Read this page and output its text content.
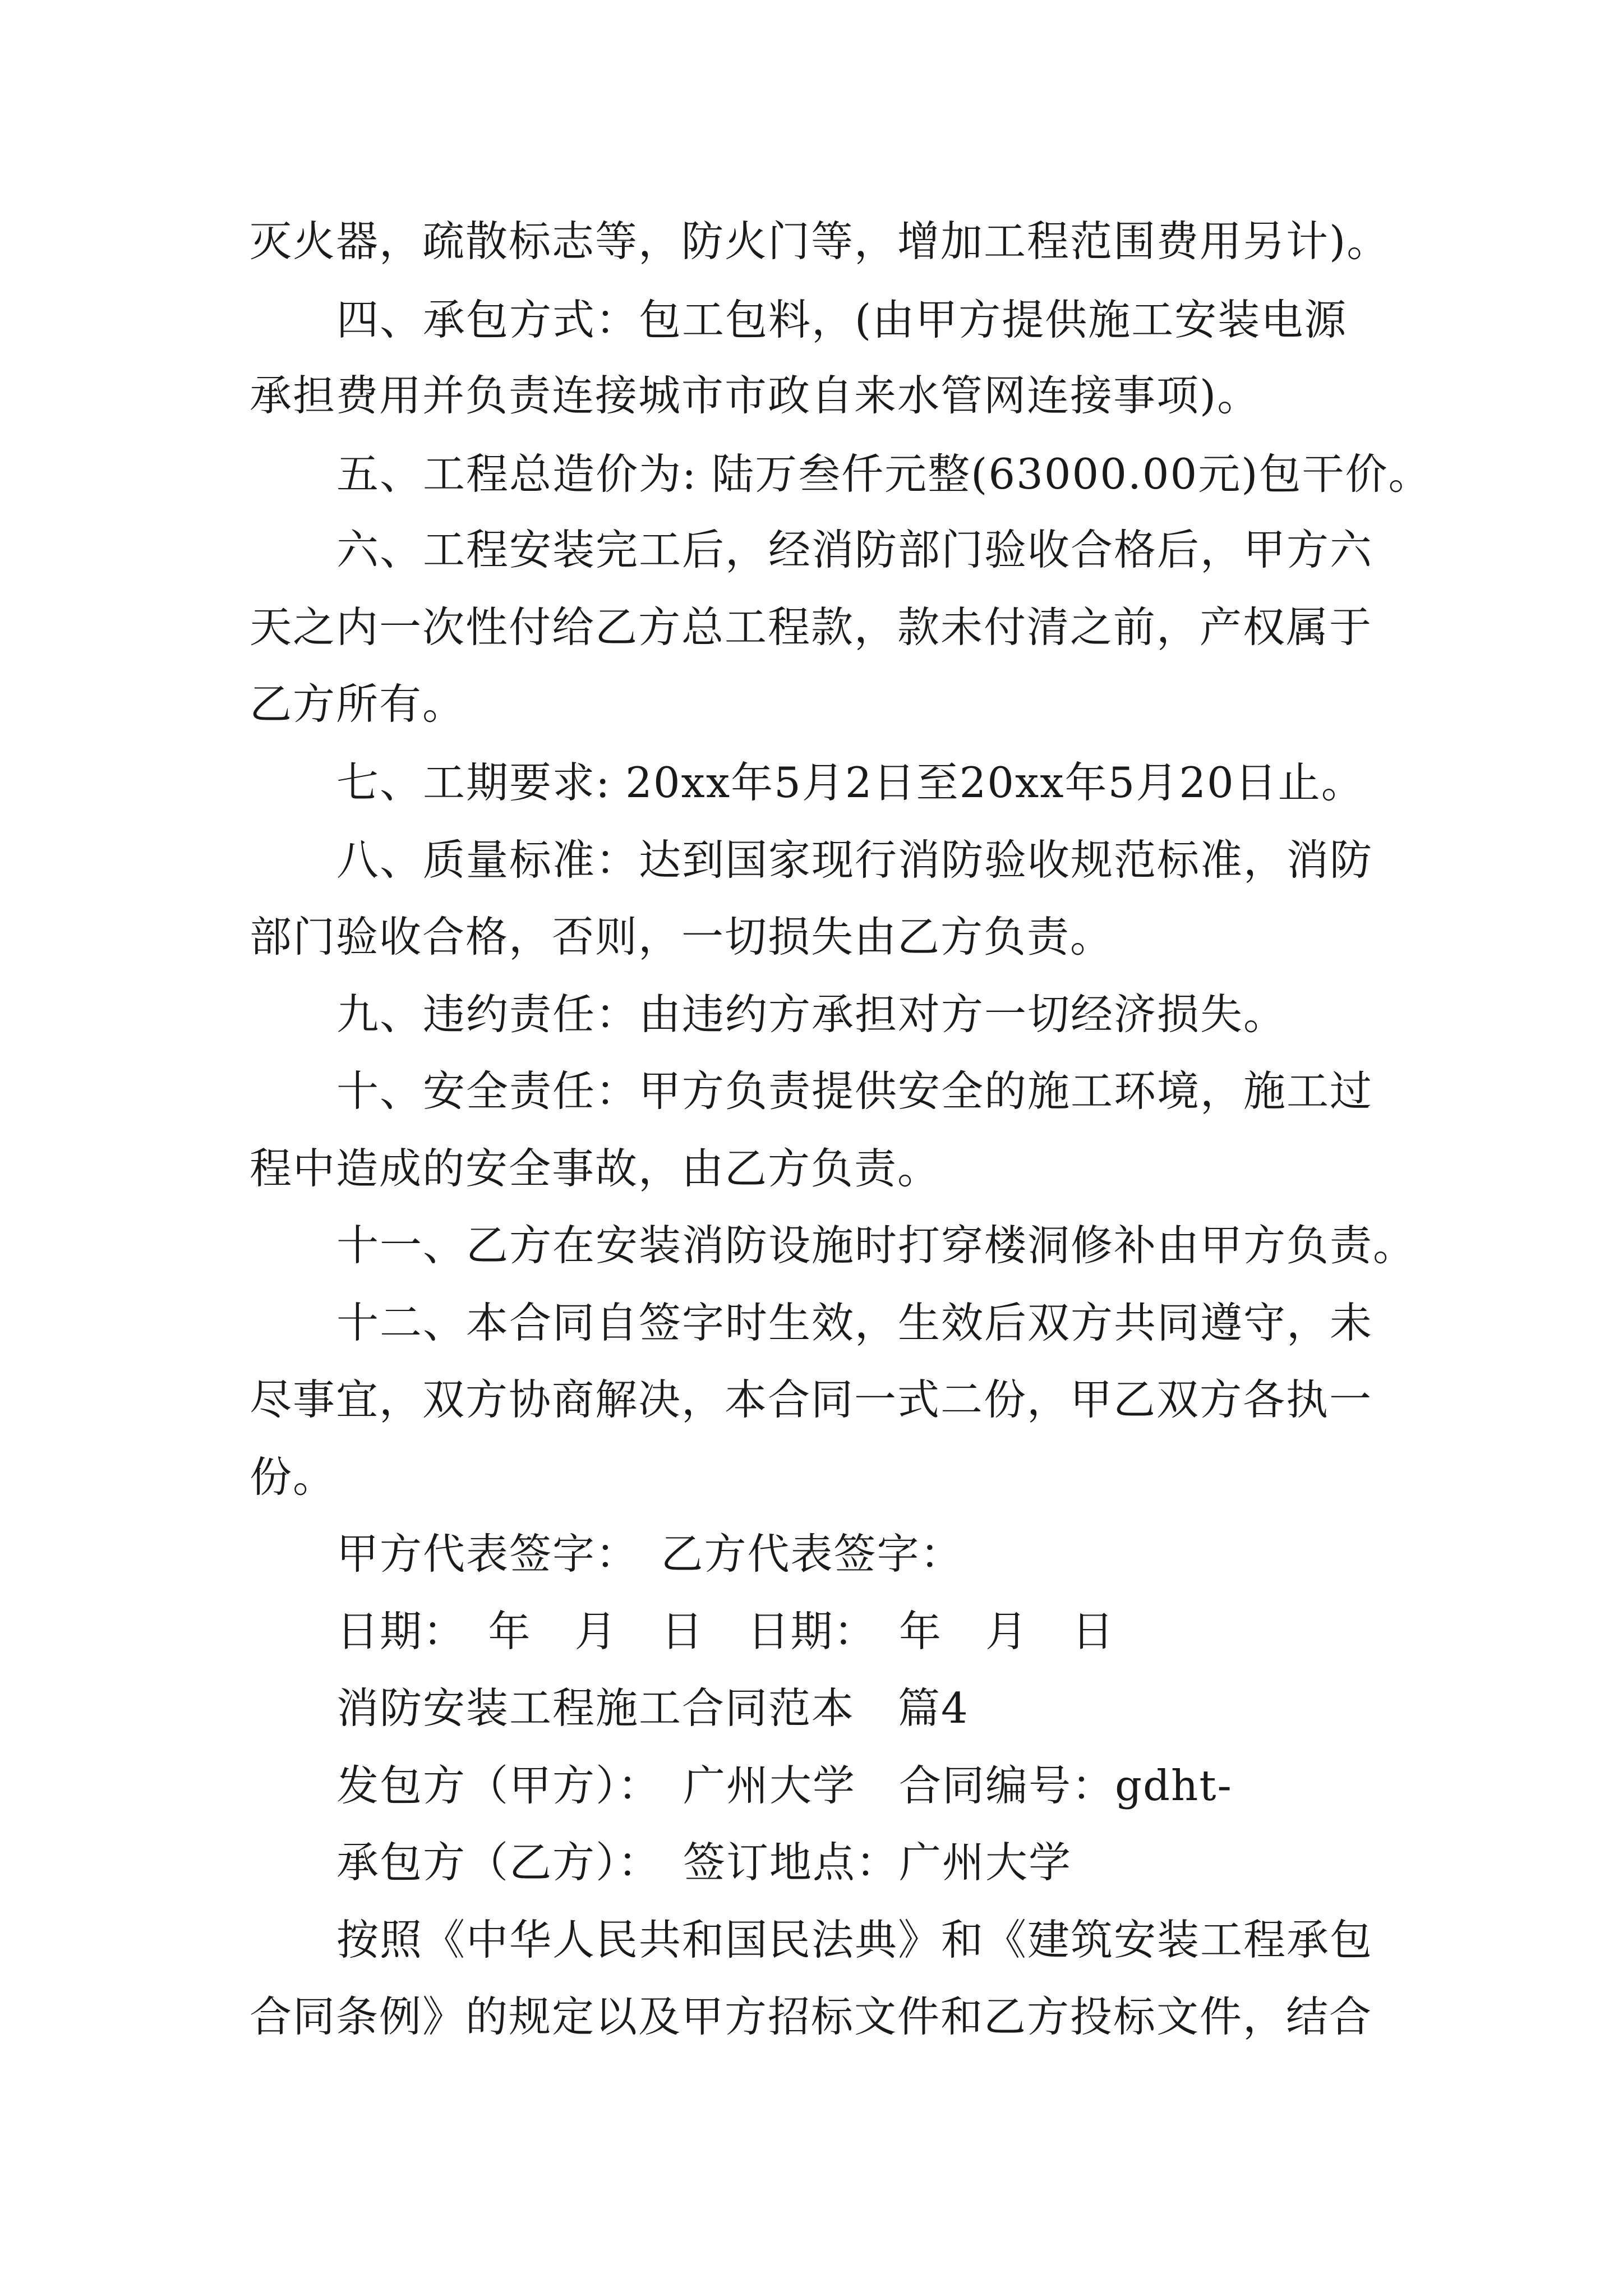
灭火器，疏散标志等，防火门等，增加工程范围费用另计)。
四、承包方式：包工包料，(由甲方提供施工安装电源
承担费用并负责连接城市市政自来水管网连接事项)。
五、工程总造价为: 陆万叁仟元整(63000.00元)包干价。
六、工程安装完工后，经消防部门验收合格后，甲方六
天之内一次性付给乙方总工程款，款未付清之前，产权属于
乙方所有。
七、工期要求: 20xx年5月2日至20xx年5月20日止。
八、质量标准：达到国家现行消防验收规范标准，消防
部门验收合格，否则，一切损失由乙方负责。
九、违约责任：由违约方承担对方一切经济损失。
十、安全责任：甲方负责提供安全的施工环境，施工过
程中造成的安全事故，由乙方负责。
十一、乙方在安装消防设施时打穿楼洞修补由甲方负责。
十二、本合同自签字时生效，生效后双方共同遵守，未
尽事宜，双方协商解决，本合同一式二份，甲乙双方各执一
份。
甲方代表签字：　乙方代表签字：
日期：　年　月　日　日期：　年　月　日
消防安装工程施工合同范本　篇4
发包方（甲方）：　广州大学　合同编号：gdht-
承包方（乙方）：　签订地点：广州大学
按照《中华人民共和国民法典》和《建筑安装工程承包
合同条例》的规定以及甲方招标文件和乙方投标文件，结合
